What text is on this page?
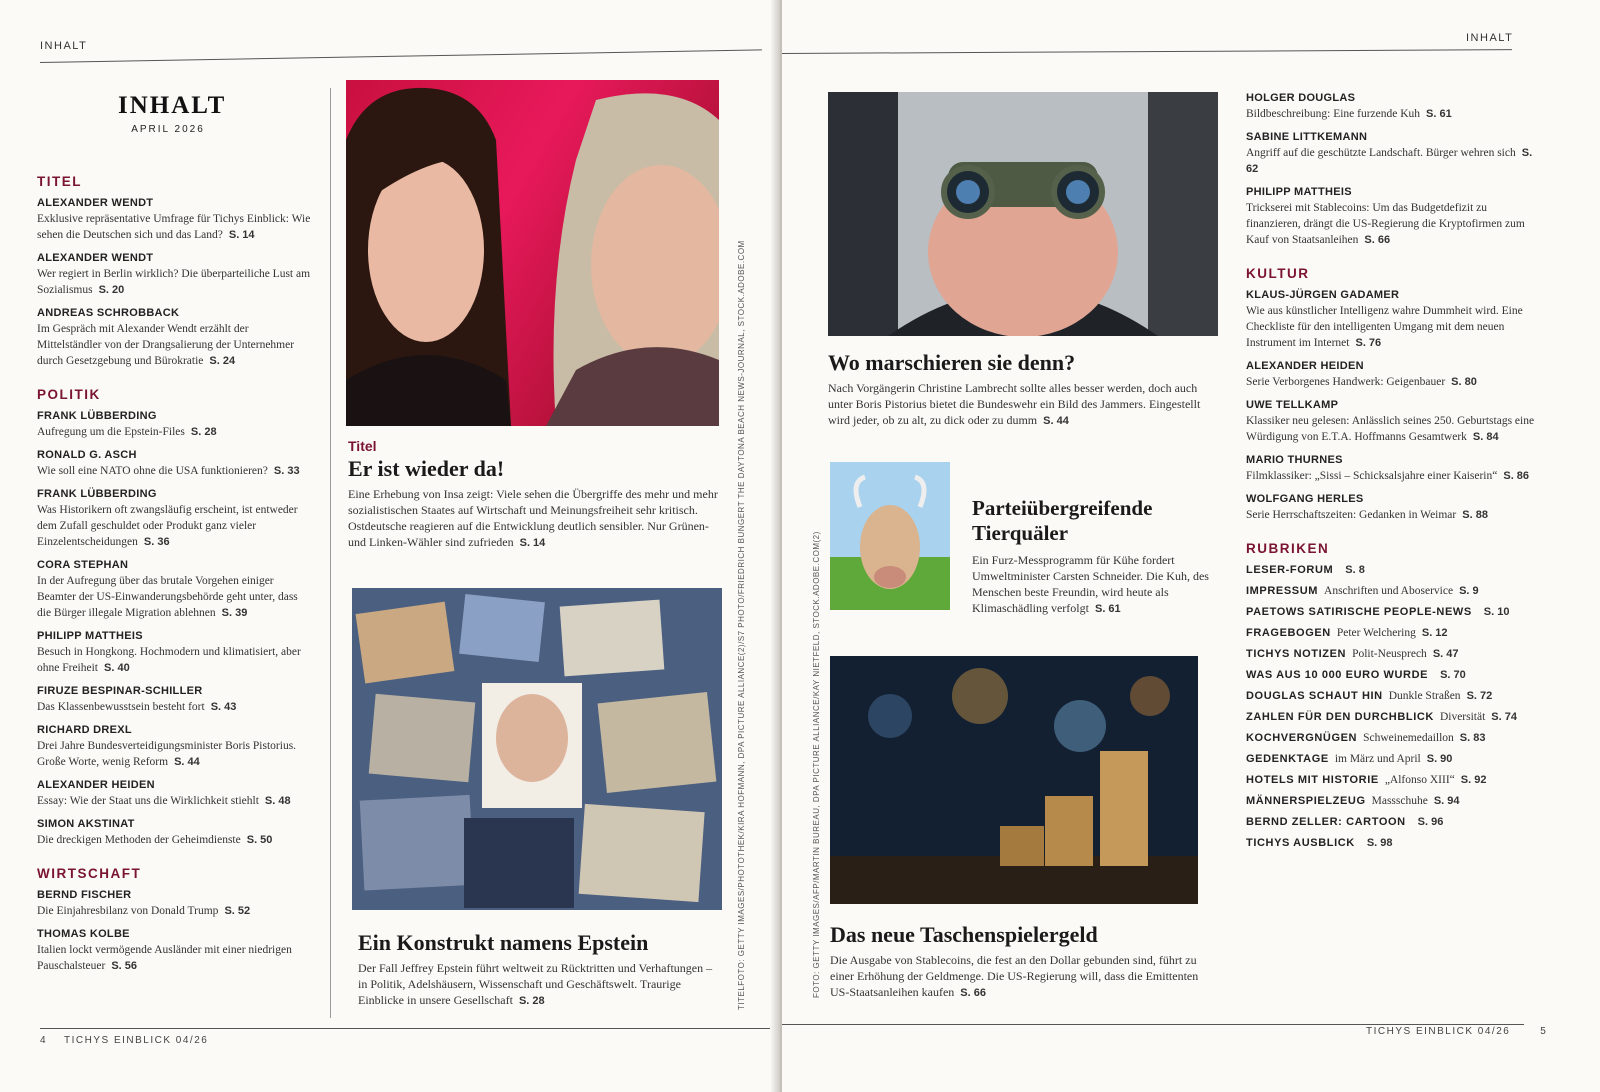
INHALT
INHALT
APRIL 2026
TITEL
ALEXANDER WENDT
Exklusive repräsentative Umfrage für Tichys Einblick: Wie sehen die Deutschen sich und das Land? S. 14
ALEXANDER WENDT
Wer regiert in Berlin wirklich? Die überparteiliche Lust am Sozialismus S. 20
ANDREAS SCHROBBACK
Im Gespräch mit Alexander Wendt erzählt der Mittelständler von der Drangsalierung der Unternehmer durch Gesetzgebung und Bürokratie S. 24
POLITIK
FRANK LÜBBERDING
Aufregung um die Epstein-Files S. 28
RONALD G. ASCH
Wie soll eine NATO ohne die USA funktionieren? S. 33
FRANK LÜBBERDING
Was Historikern oft zwangsläufig erscheint, ist entweder dem Zufall geschuldet oder Produkt ganz vieler Einzelentscheidungen S. 36
CORA STEPHAN
In der Aufregung über das brutale Vorgehen einiger Beamter der US-Einwanderungsbehörde geht unter, dass die Bürger illegale Migration ablehnen S. 39
PHILIPP MATTHEIS
Besuch in Hongkong. Hochmodern und klimatisiert, aber ohne Freiheit S. 40
FIRUZE BESPINAR-SCHILLER
Das Klassenbewusstsein besteht fort S. 43
RICHARD DREXL
Drei Jahre Bundesverteidigungsminister Boris Pistorius. Große Worte, wenig Reform S. 44
ALEXANDER HEIDEN
Essay: Wie der Staat uns die Wirklichkeit stiehlt S. 48
SIMON AKSTINAT
Die dreckigen Methoden der Geheimdienste S. 50
WIRTSCHAFT
BERND FISCHER
Die Einjahresbilanz von Donald Trump S. 52
THOMAS KOLBE
Italien lockt vermögende Ausländer mit einer niedrigen Pauschalsteuer S. 56
Titel
Er ist wieder da!
Eine Erhebung von Insa zeigt: Viele sehen die Übergriffe des mehr und mehr sozialistischen Staates auf Wirtschaft und Meinungsfreiheit sehr kritisch. Ostdeutsche reagieren auf die Entwicklung deutlich sensibler. Nur Grünen- und Linken-Wähler sind zufrieden S. 14
Ein Konstrukt namens Epstein
Der Fall Jeffrey Epstein führt weltweit zu Rücktritten und Verhaftungen – in Politik, Adelshäusern, Wissenschaft und Geschäftswelt. Traurige Einblicke in unsere Gesellschaft S. 28	TITELFOTO: GETTY IMAGES/PHOTOTHEK/KIRA HOFMANN, DPA PICTURE ALLIANCE(2)/S7 PHOTO/FRIEDRICH BUNGERT THE DAYTONA BEACH NEWS-JOURNAL, STOCK.ADOBE.COM
4 TICHYS EINBLICK 04/26
INHALT
Wo marschieren sie denn?
Nach Vorgängerin Christine Lambrecht sollte alles besser werden, doch auch unter Boris Pistorius bietet die Bundeswehr ein Bild des Jammers. Eingestellt wird jeder, ob zu alt, zu dick oder zu dumm S. 44
Parteiübergreifende Tierquäler
Ein Furz-Messprogramm für Kühe fordert Umweltminister Carsten Schneider. Die Kuh, des Menschen beste Freundin, wird heute als Klimaschädling verfolgt S. 61
Das neue Taschenspielergeld
Die Ausgabe von Stablecoins, die fest an den Dollar gebunden sind, führt zu einer Erhöhung der Geldmenge. Die US-Regierung will, dass die Emittenten US-Staatsanleihen kaufen S. 66
FOTO: GETTY IMAGES/AFP/MARTIN BUREAU, DPA PICTURE ALLIANCE/KAY NIETFELD, STOCK.ADOBE.COM(2)
HOLGER DOUGLAS
Bildbeschreibung: Eine furzende Kuh S. 61
SABINE LITTKEMANN
Angriff auf die geschützte Landschaft. Bürger wehren sich S. 62
PHILIPP MATTHEIS
Trickserei mit Stablecoins: Um das Budgetdefizit zu finanzieren, drängt die US-Regierung die Kryptofirmen zum Kauf von Staatsanleihen S. 66
KULTUR
KLAUS-JÜRGEN GADAMER
Wie aus künstlicher Intelligenz wahre Dummheit wird. Eine Checkliste für den intelligenten Umgang mit dem neuen Instrument im Internet S. 76
ALEXANDER HEIDEN
Serie Verborgenes Handwerk: Geigenbauer S. 80
UWE TELLKAMP
Klassiker neu gelesen: Anlässlich seines 250. Geburtstags eine Würdigung von E.T.A. Hoffmanns Gesamtwerk S. 84
MARIO THURNES
Filmklassiker: „Sissi – Schicksalsjahre einer Kaiserin“ S. 86
WOLFGANG HERLES
Serie Herrschaftszeiten: Gedanken in Weimar S. 88
RUBRIKEN
LESER-FORUM S. 8
IMPRESSUM Anschriften und Aboservice S. 9
PAETOWS SATIRISCHE PEOPLE-NEWS S. 10
FRAGEBOGEN Peter Welchering S. 12
TICHYS NOTIZEN Polit-Neusprech S. 47
WAS AUS 10 000 EURO WURDE S. 70
DOUGLAS SCHAUT HIN Dunkle Straßen S. 72
ZAHLEN FÜR DEN DURCHBLICK Diversität S. 74
KOCHVERGNÜGEN Schweinemedaillon S. 83
GEDENKTAGE im März und April S. 90
HOTELS MIT HISTORIE „Alfonso XIII“ S. 92
MÄNNERSPIELZEUG Massschuhe S. 94
BERND ZELLER: CARTOON S. 96
TICHYS AUSBLICK S. 98
TICHYS EINBLICK 04/26	5
